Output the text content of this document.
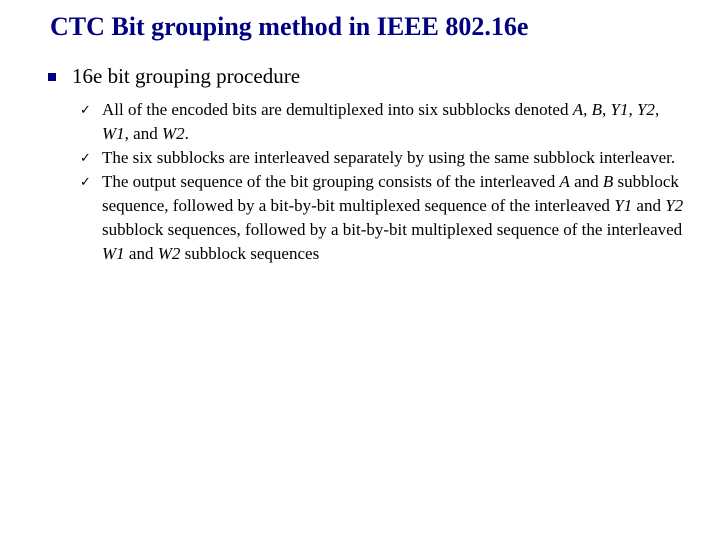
CTC Bit grouping method in IEEE 802.16e
16e bit grouping procedure
✓ All of the encoded bits are demultiplexed into six subblocks denoted A, B, Y1, Y2, W1, and W2.
✓ The six subblocks are interleaved separately by using the same subblock interleaver.
✓ The output sequence of the bit grouping consists of the interleaved A and B subblock sequence, followed by a bit-by-bit multiplexed sequence of the interleaved Y1 and Y2 subblock sequences, followed by a bit-by-bit multiplexed sequence of the interleaved W1 and W2 subblock sequences
